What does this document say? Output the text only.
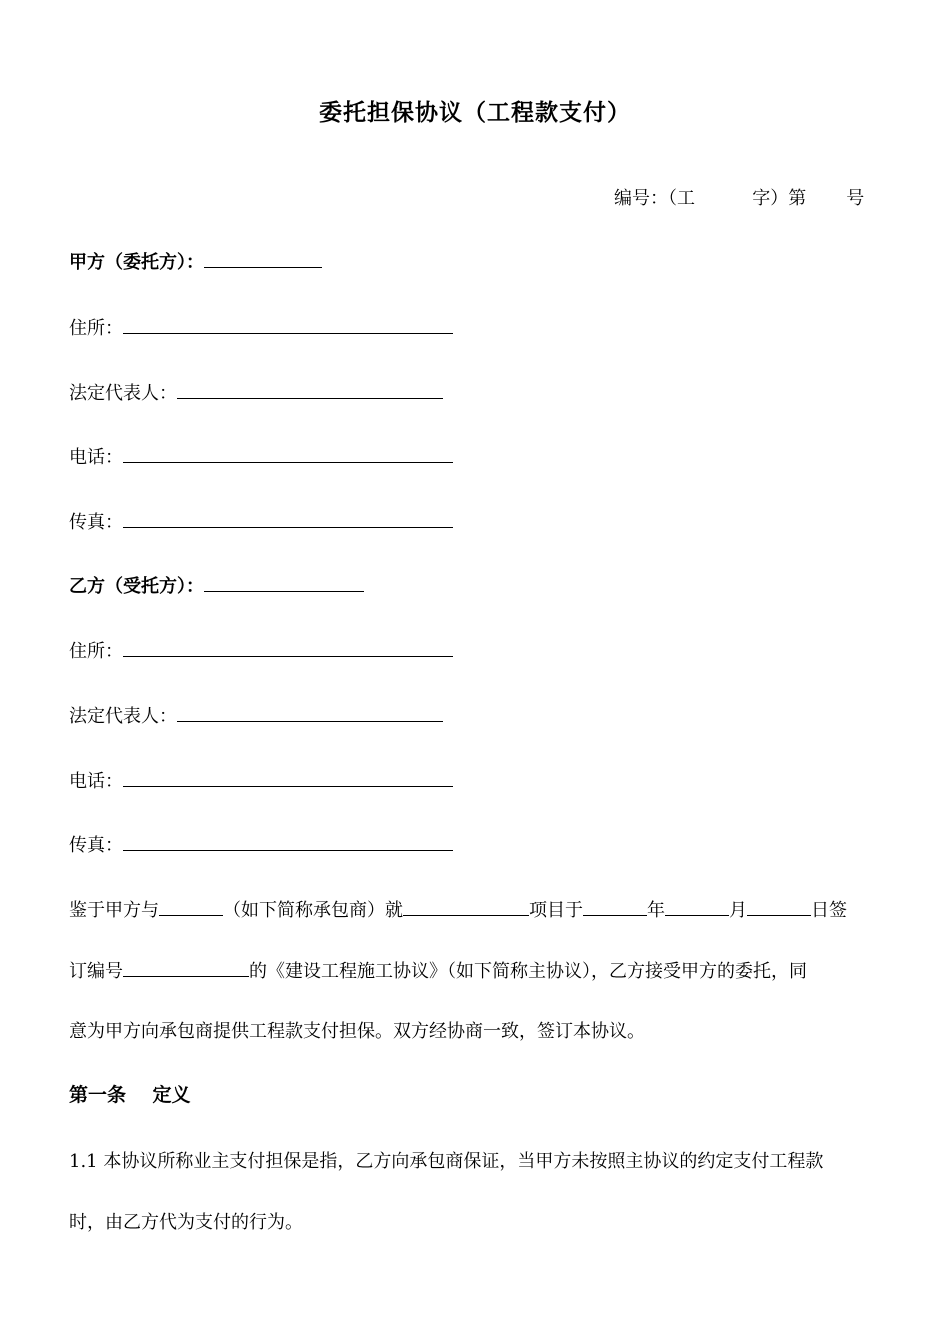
委托担保协议（工程款支付）
编号：（工          字）第       号
甲方（委托方）：
住所：
法定代表人：
电话：
传真：
乙方（受托方）：
住所：
法定代表人：
电话：
传真：
鉴于甲方与	（如下简称承包商）就	项目于	年	月	日签
订编号	的《建设工程施工协议》（如下简称主协议），乙方接受甲方的委托，同
意为甲方向承包商提供工程款支付担保。双方经协商一致，签订本协议。
第一条    定义
1.1 本协议所称业主支付担保是指，乙方向承包商保证，当甲方未按照主协议的约定支付工程款
时，由乙方代为支付的行为。
